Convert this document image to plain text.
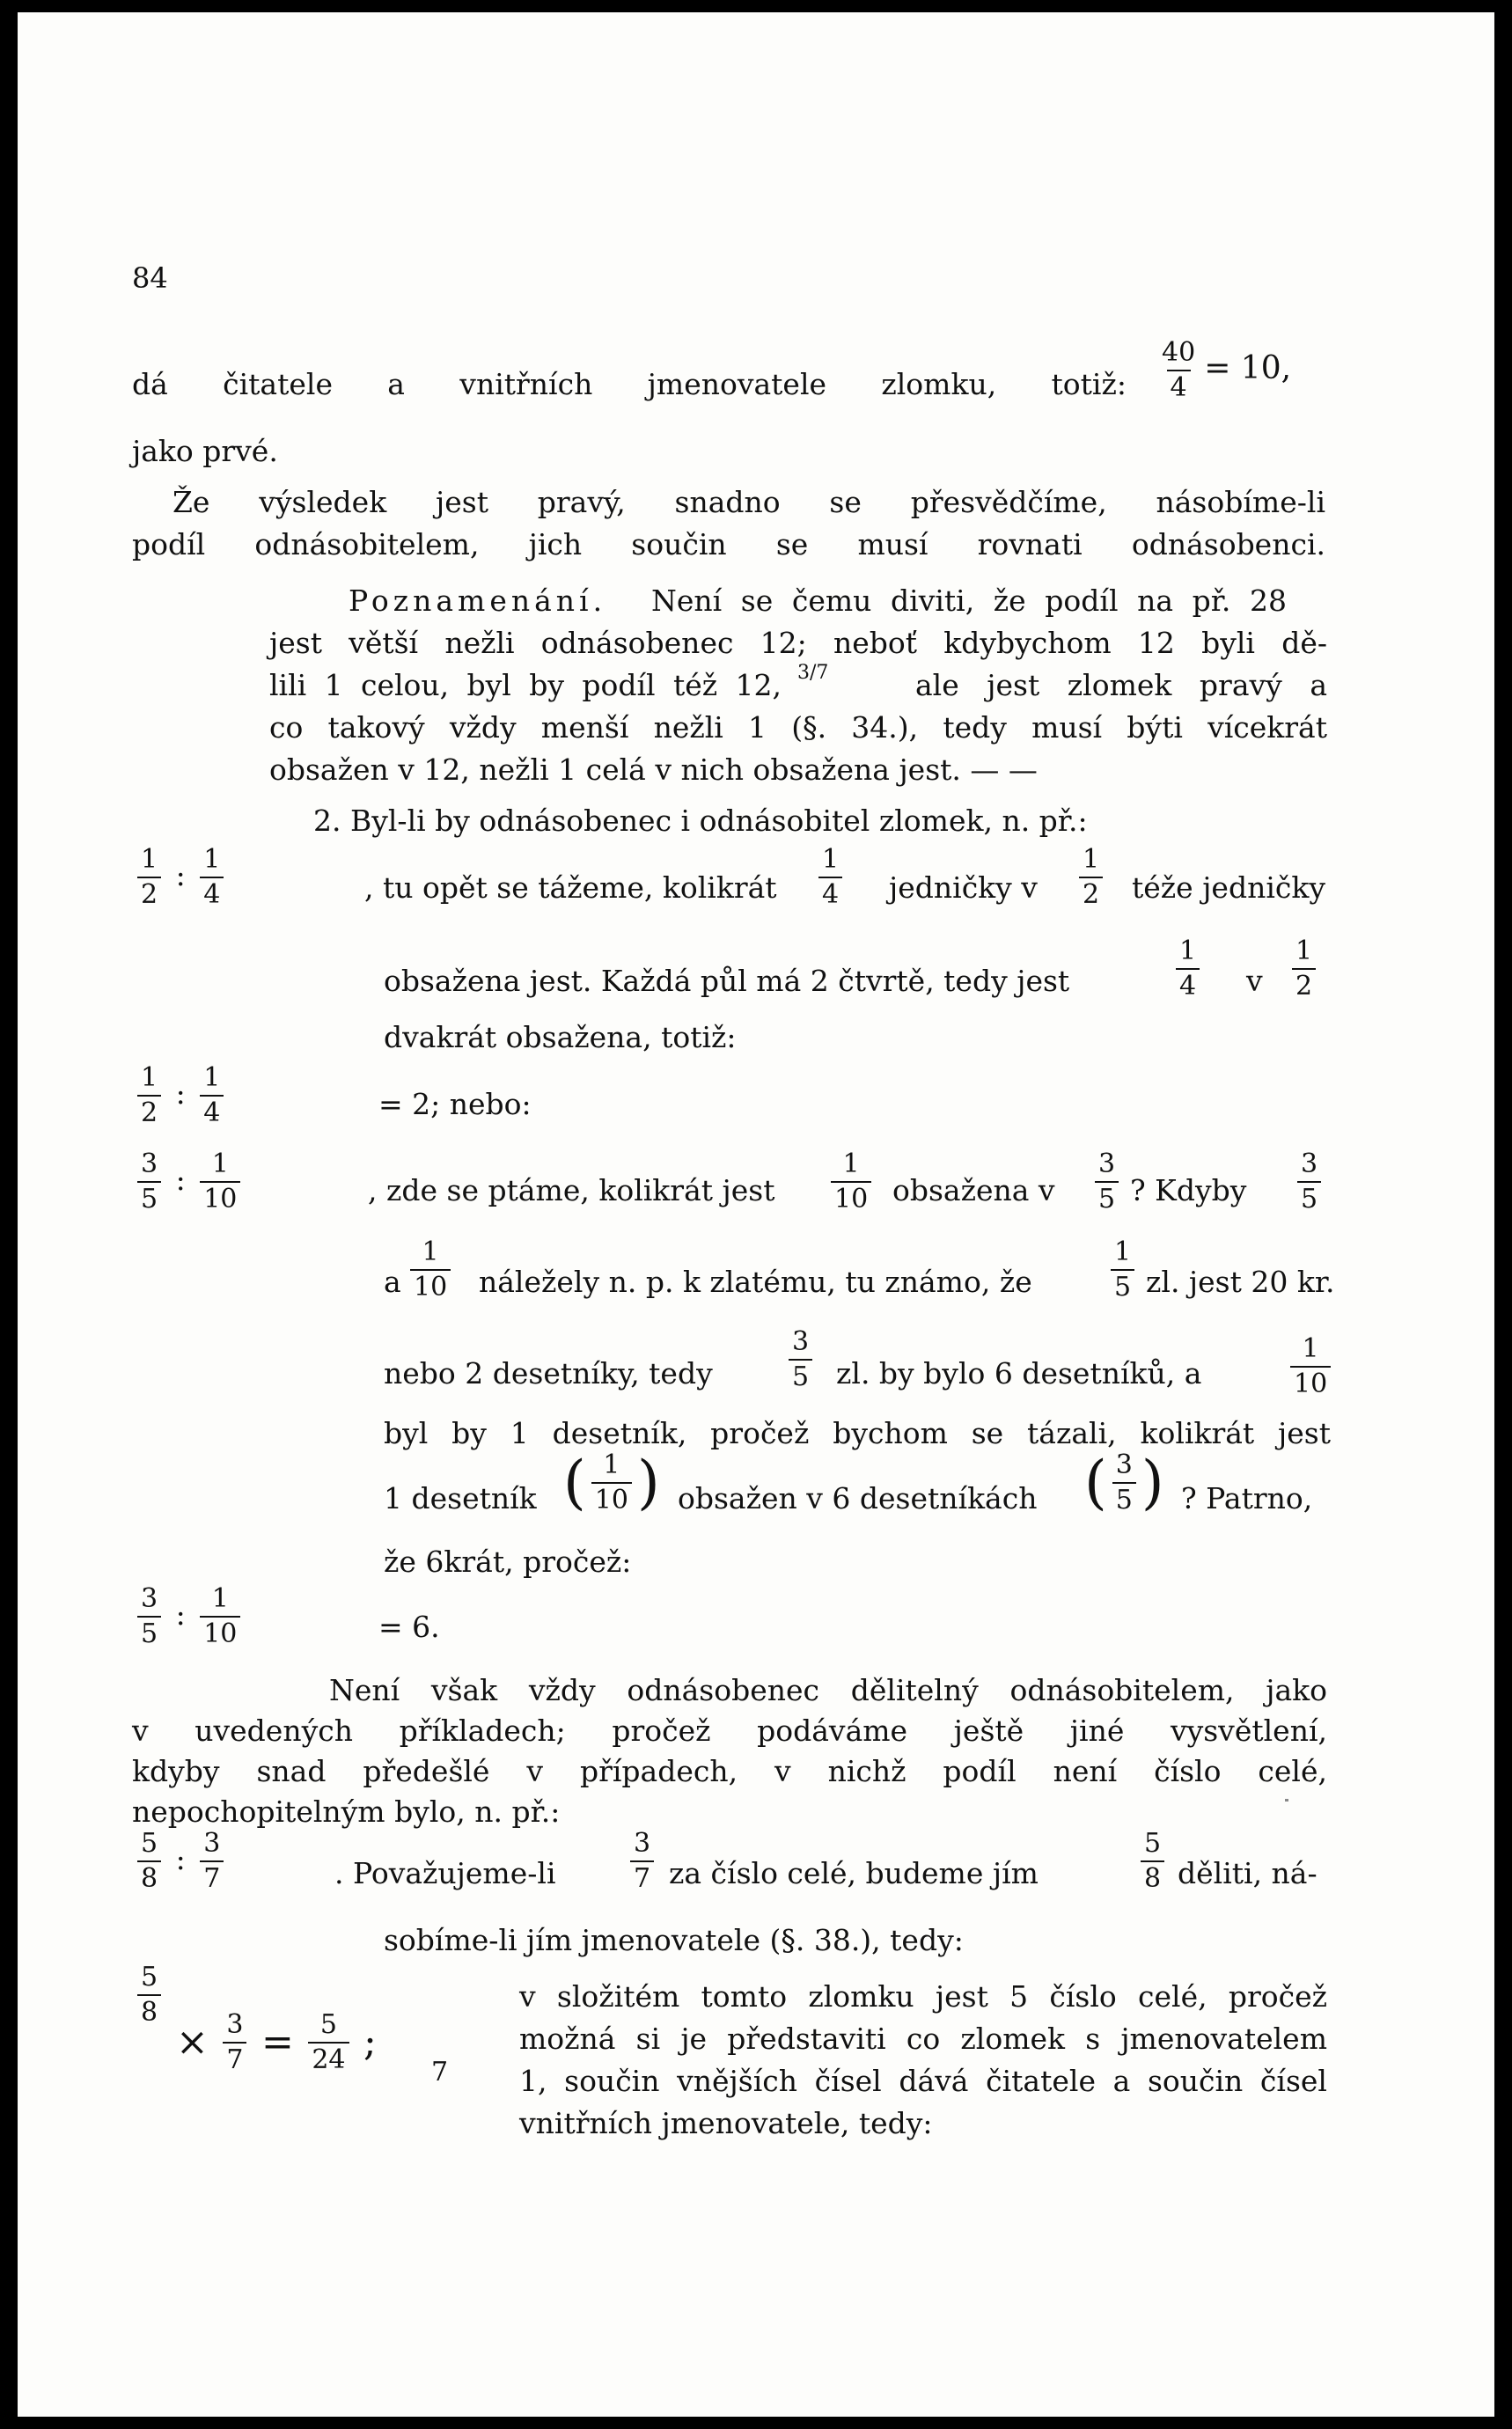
84
dá čitatele a vnitřních jmenovatele zlomku, totiž: $\frac{40}{4} = 10$,
jako prvé.
Že výsledek jest pravý, snadno se přesvědčíme, násobíme-li
podíl odnásobitelem, jich součin se musí rovnati odnásobenci.
Poznamenání. Není se čemu diviti, že podíl na př. 28
jest větší nežli odnásobenec 12; neboť kdybychom 12 byli dě-
lili 1 celou, byl by podíl též 12, 3/7	ale jest zlomek pravý a
co takový vždy menší nežli 1 (§. 34.), tedy musí býti vícekrát
obsažen v 12, nežli 1 celá v nich obsažena jest. — —
2. Byl-li by odnásobenec i odnásobitel zlomek, n. př.:
$\frac{1}{2}$ : $\frac{1}{4}$	, tu opět se tážeme, kolikrát $\frac{1}{4}$ jedničky v $\frac{1}{2}$ téže jedničky
obsažena jest. Každá půl má 2 čtvrtě, tedy jest	$\frac{1}{4}$ v $\frac{1}{2}$
dvakrát obsažena, totiž:
$\frac{1}{2}$ : $\frac{1}{4}$	= 2; nebo:
$\frac{3}{5}$ : $\frac{1}{10}$	, zde se ptáme, kolikrát jest $\frac{1}{10}$ obsažena v $\frac{3}{5}$ ? Kdyby $\frac{3}{5}$
a $\frac{1}{10}$ náležely n. p. k zlatému, tu známo, že	$\frac{1}{5}$ zl. jest 20 kr.
nebo 2 desetníky, tedy	$\frac{3}{5}$ zl. by bylo 6 desetníků, a	$\frac{1}{10}$
byl by 1 desetník, pročež bychom se tázali, kolikrát jest
1 desetník ( $\frac{1}{10}$ ) obsažen v 6 desetníkách ( $\frac{3}{5}$ ) ? Patrno,
že 6krát, pročež:
$\frac{3}{5}$ : $\frac{1}{10}$	= 6.
Není však vždy odnásobenec dělitelný odnásobitelem, jako
v uvedených příkladech; pročež podáváme ještě jiné vysvětlení,
kdyby snad předešlé v případech, v nichž podíl není číslo celé,
nepochopitelným bylo, n. př.:
$\frac{5}{8}$ : $\frac{3}{7}$	. Považujeme-li	$\frac{3}{7}$ za číslo celé, budeme jím	$\frac{5}{8}$ děliti, ná-
sobíme-li jím jmenovatele (§. 38.), tedy:
$\frac{5}{8}$
× $\frac{3}{7} = \frac{5}{24}$ ;
7
v složitém tomto zlomku jest 5 číslo celé, pročež
možná si je představiti co zlomek s jmenovatelem
1, součin vnějších čísel dává čitatele a součin čísel
vnitřních jmenovatele, tedy:
